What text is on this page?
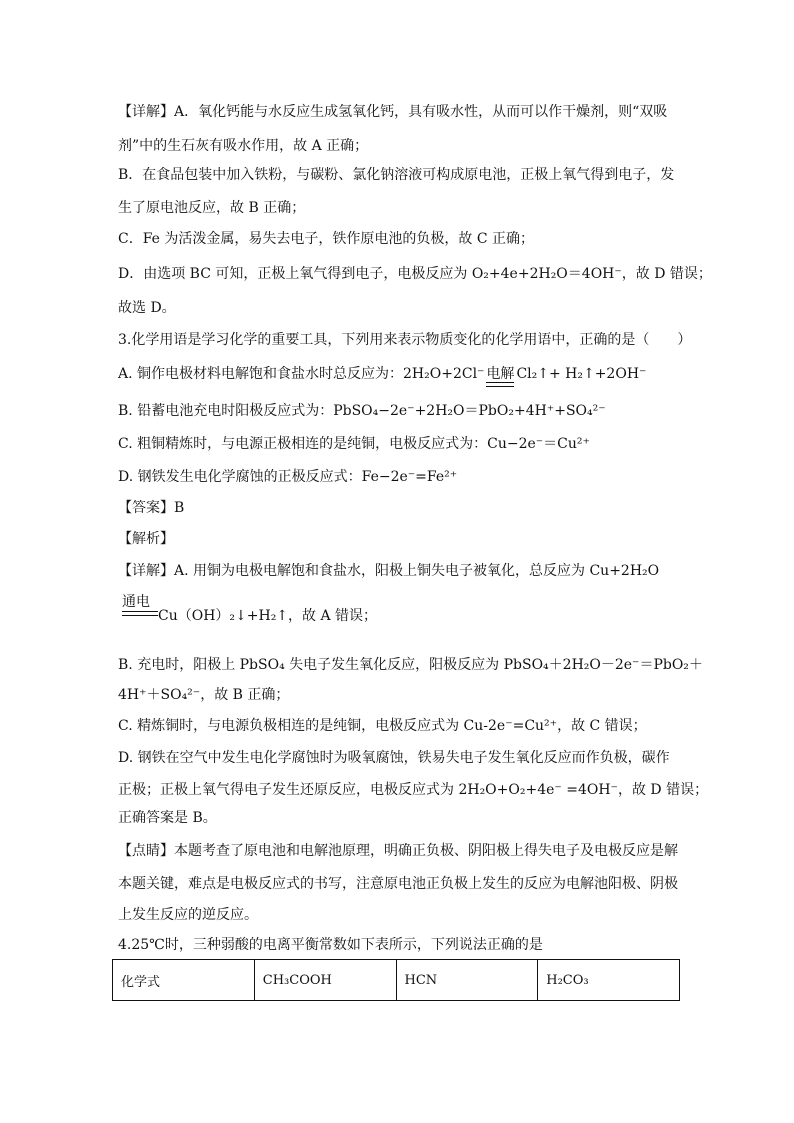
【详解】A．氧化钙能与水反应生成氢氧化钙，具有吸水性，从而可以作干燥剂，则“双吸
剂”中的生石灰有吸水作用，故 A 正确；
B．在食品包装中加入铁粉，与碳粉、氯化钠溶液可构成原电池，正极上氧气得到电子，发
生了原电池反应，故 B 正确；
C．Fe 为活泼金属，易失去电子，铁作原电池的负极，故 C 正确；
D．由选项 BC 可知，正极上氧气得到电子，电极反应为 O₂+4e+2H₂O＝4OH⁻，故 D 错误；
故选 D。
3.化学用语是学习化学的重要工具，下列用来表示物质变化的化学用语中，正确的是（　　）
A. 铜作电极材料电解饱和食盐水时总反应为：2H₂O+2Cl⁻ 电解 Cl₂↑+ H₂↑+2OH⁻
B. 铅蓄电池充电时阳极反应式为：PbSO₄−2e⁻+2H₂O＝PbO₂+4H⁺+SO₄²⁻
C. 粗铜精炼时，与电源正极相连的是纯铜，电极反应式为：Cu−2e⁻＝Cu²⁺
D. 钢铁发生电化学腐蚀的正极反应式：Fe−2e⁻=Fe²⁺
【答案】B
【解析】
【详解】A. 用铜为电极电解饱和食盐水，阳极上铜失电子被氧化，总反应为 Cu+2H₂O
通电
Cu（OH）₂↓+H₂↑，故 A 错误；
B. 充电时，阳极上 PbSO₄ 失电子发生氧化反应，阳极反应为 PbSO₄＋2H₂O－2e⁻＝PbO₂＋
4H⁺＋SO₄²⁻，故 B 正确；
C. 精炼铜时，与电源负极相连的是纯铜，电极反应式为 Cu-2e⁻=Cu²⁺，故 C 错误；
D. 钢铁在空气中发生电化学腐蚀时为吸氧腐蚀，铁易失电子发生氧化反应而作负极，碳作
正极；正极上氧气得电子发生还原反应，电极反应式为 2H₂O+O₂+4e⁻ =4OH⁻，故 D 错误；
正确答案是 B。
【点睛】本题考查了原电池和电解池原理，明确正负极、阴阳极上得失电子及电极反应是解
本题关键，难点是电极反应式的书写，注意原电池正负极上发生的反应为电解池阳极、阴极
上发生反应的逆反应。
4.25℃时，三种弱酸的电离平衡常数如下表所示，下列说法正确的是
化学式	CH₃COOH	HCN	H₂CO₃
